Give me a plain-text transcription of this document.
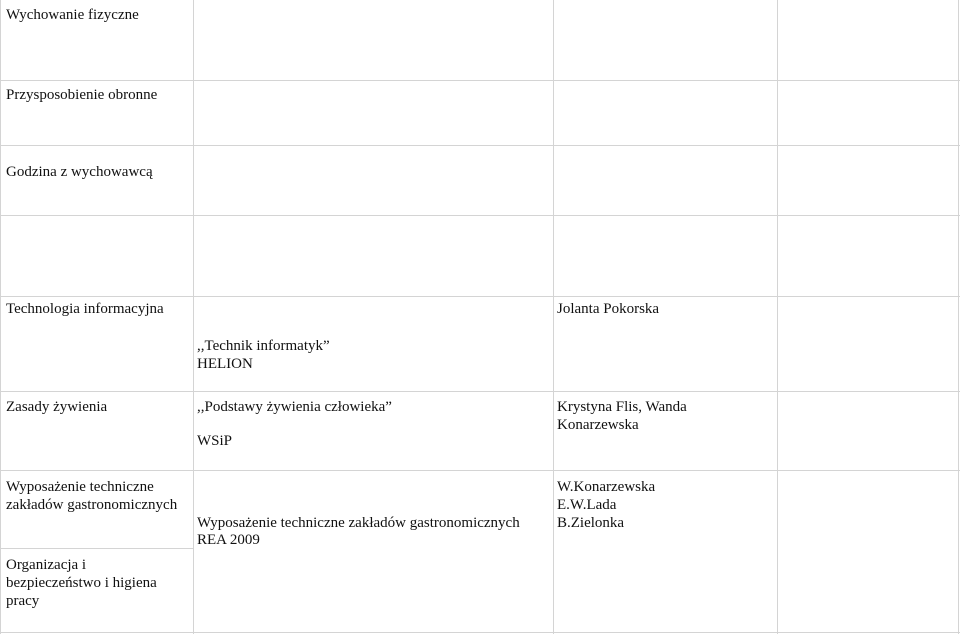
Wychowanie fizyczne
Przysposobienie obronne
Godzina z wychowawcą
Technologia informacyjna	Jolanta Pokorska
,,Technik informatyk”
HELION
Zasady żywienia	,,Podstawy żywienia człowieka”
WSiP
Krystyna Flis, Wanda
Konarzewska
Wyposażenie techniczne
zakładów gastronomicznych
Wyposażenie techniczne zakładów gastronomicznych
REA 2009
W.Konarzewska
E.W.Lada
B.Zielonka
Organizacja i
bezpieczeństwo i higiena
pracy
